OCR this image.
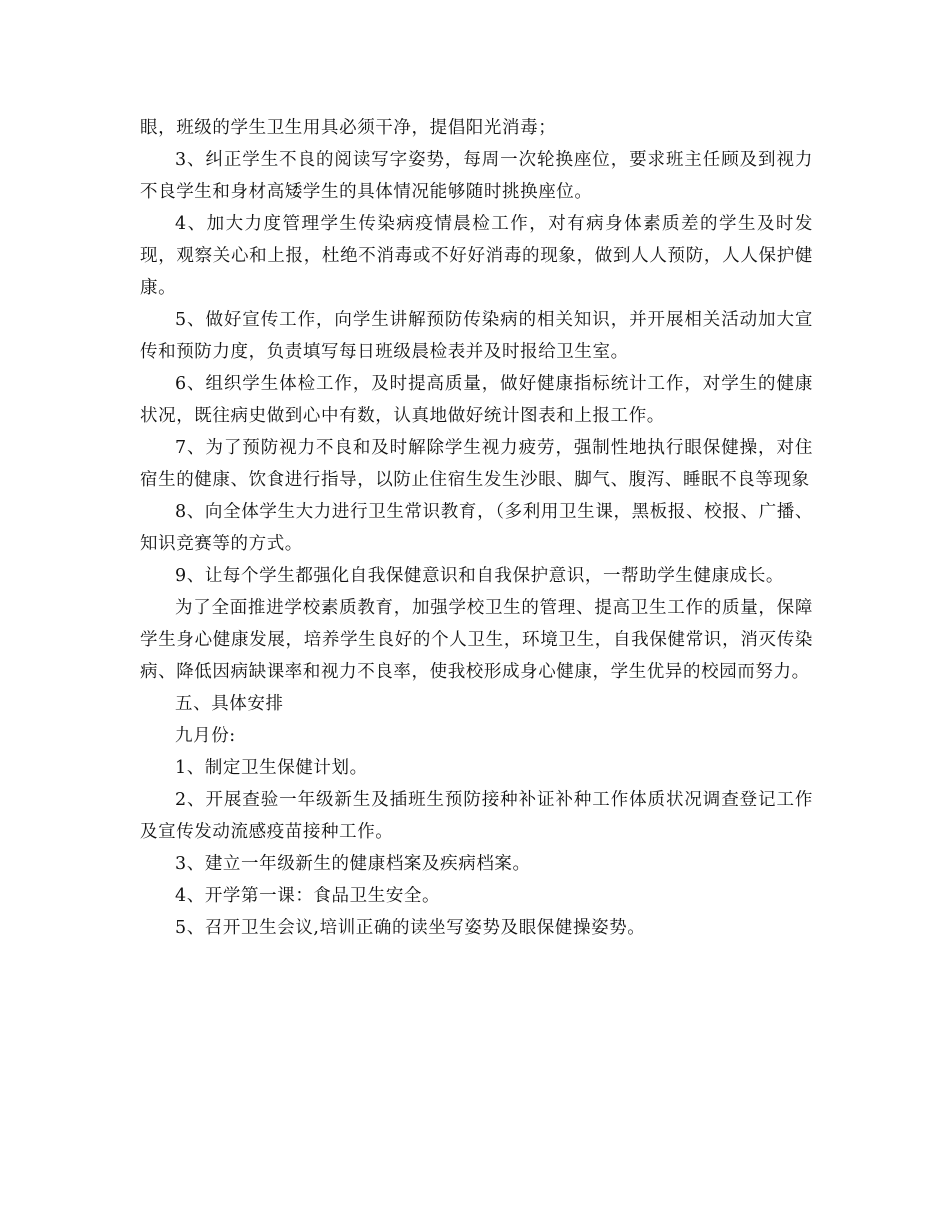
眼，班级的学生卫生用具必须干净，提倡阳光消毒；

3、纠正学生不良的阅读写字姿势，每周一次轮换座位，要求班主任顾及到视力不良学生和身材高矮学生的具体情况能够随时挑换座位。

4、加大力度管理学生传染病疫情晨检工作，对有病身体素质差的学生及时发现，观察关心和上报，杜绝不消毒或不好好消毒的现象，做到人人预防，人人保护健康。

5、做好宣传工作，向学生讲解预防传染病的相关知识，并开展相关活动加大宣传和预防力度，负责填写每日班级晨检表并及时报给卫生室。

6、组织学生体检工作，及时提高质量，做好健康指标统计工作，对学生的健康状况，既往病史做到心中有数，认真地做好统计图表和上报工作。

7、为了预防视力不良和及时解除学生视力疲劳，强制性地执行眼保健操，对住宿生的健康、饮食进行指导，以防止住宿生发生沙眼、脚气、腹泻、睡眠不良等现象

8、向全体学生大力进行卫生常识教育，（多利用卫生课，黑板报、校报、广播、知识竞赛等的方式。

9、让每个学生都强化自我保健意识和自我保护意识，一帮助学生健康成长。

为了全面推进学校素质教育，加强学校卫生的管理、提高卫生工作的质量，保障学生身心健康发展，培养学生良好的个人卫生，环境卫生，自我保健常识，消灭传染病、降低因病缺课率和视力不良率，使我校形成身心健康，学生优异的校园而努力。

五、具体安排

九月份:

1、制定卫生保健计划。

2、开展查验一年级新生及插班生预防接种补证补种工作体质状况调查登记工作及宣传发动流感疫苗接种工作。

3、建立一年级新生的健康档案及疾病档案。

4、开学第一课：食品卫生安全。

5、召开卫生会议,培训正确的读坐写姿势及眼保健操姿势。
